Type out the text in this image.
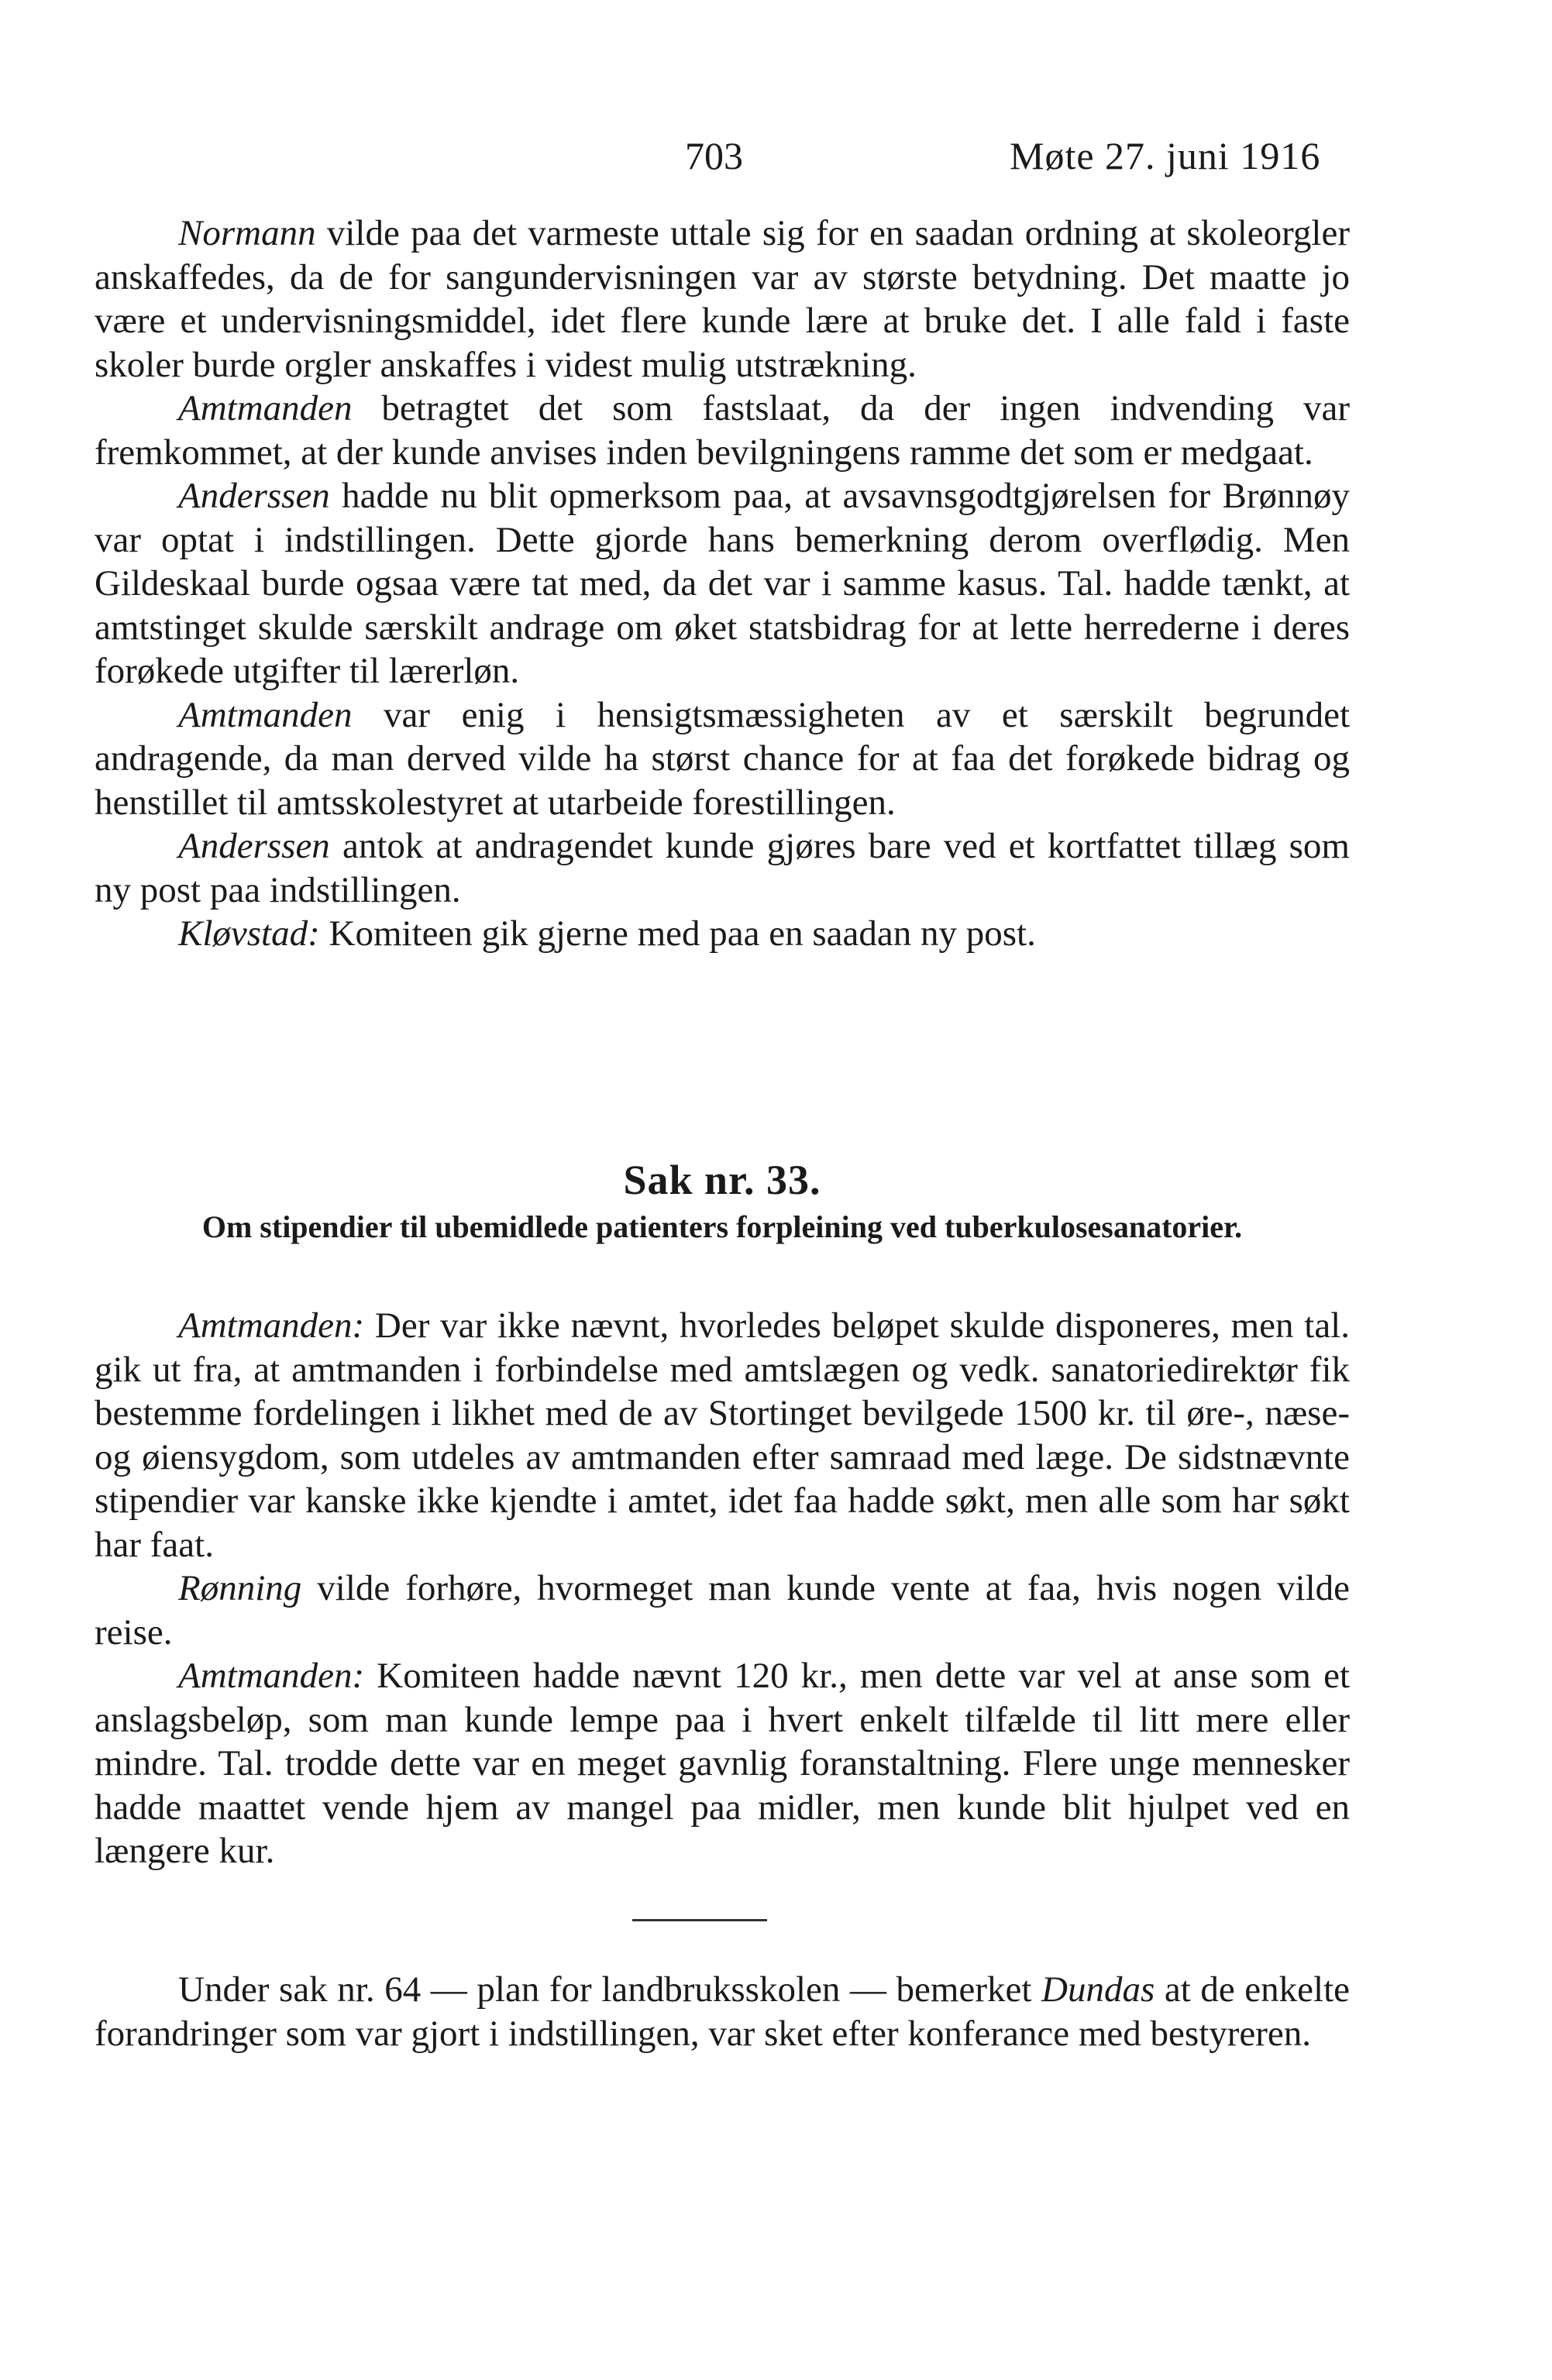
703	Møte 27. juni 1916

Normann vilde paa det varmeste uttale sig for en saadan ordning at skoleorgler anskaffedes, da de for sangundervisningen var av største betydning. Det maatte jo være et undervisningsmiddel, idet flere kunde lære at bruke det. I alle fald i faste skoler burde orgler anskaffes i videst mulig utstrækning.

Amtmanden betragtet det som fastslaat, da der ingen indvending var fremkommet, at der kunde anvises inden bevilgningens ramme det som er medgaat.

Anderssen hadde nu blit opmerksom paa, at avsavnsgodtgjørelsen for Brønnøy var optat i indstillingen. Dette gjorde hans bemerkning derom overflødig. Men Gildeskaal burde ogsaa være tat med, da det var i samme kasus. Tal. hadde tænkt, at amtstinget skulde særskilt andrage om øket statsbidrag for at lette herrederne i deres forøkede utgifter til lærerløn.

Amtmanden var enig i hensigtsmæssigheten av et særskilt begrundet andragende, da man derved vilde ha størst chance for at faa det forøkede bidrag og henstillet til amtsskolestyret at utarbeide forestillingen.

Anderssen antok at andragendet kunde gjøres bare ved et kortfattet tillæg som ny post paa indstillingen.

Kløvstad: Komiteen gik gjerne med paa en saadan ny post.

Sak nr. 33.
Om stipendier til ubemidlede patienters forpleining ved tuberkulosesanatorier.

Amtmanden: Der var ikke nævnt, hvorledes beløpet skulde disponeres, men tal. gik ut fra, at amtmanden i forbindelse med amtslægen og vedk. sanatoriedirektør fik bestemme fordelingen i likhet med de av Stortinget bevilgede 1500 kr. til øre-, næse- og øiensygdom, som utdeles av amtmanden efter samraad med læge. De sidstnævnte stipendier var kanske ikke kjendte i amtet, idet faa hadde søkt, men alle som har søkt har faat.

Rønning vilde forhøre, hvormeget man kunde vente at faa, hvis nogen vilde reise.

Amtmanden: Komiteen hadde nævnt 120 kr., men dette var vel at anse som et anslagsbeløp, som man kunde lempe paa i hvert enkelt tilfælde til litt mere eller mindre. Tal. trodde dette var en meget gavnlig foranstaltning. Flere unge mennesker hadde maattet vende hjem av mangel paa midler, men kunde blit hjulpet ved en længere kur.

Under sak nr. 64 — plan for landbruksskolen — bemerket Dundas at de enkelte forandringer som var gjort i indstillingen, var sket efter konferance med bestyreren.
